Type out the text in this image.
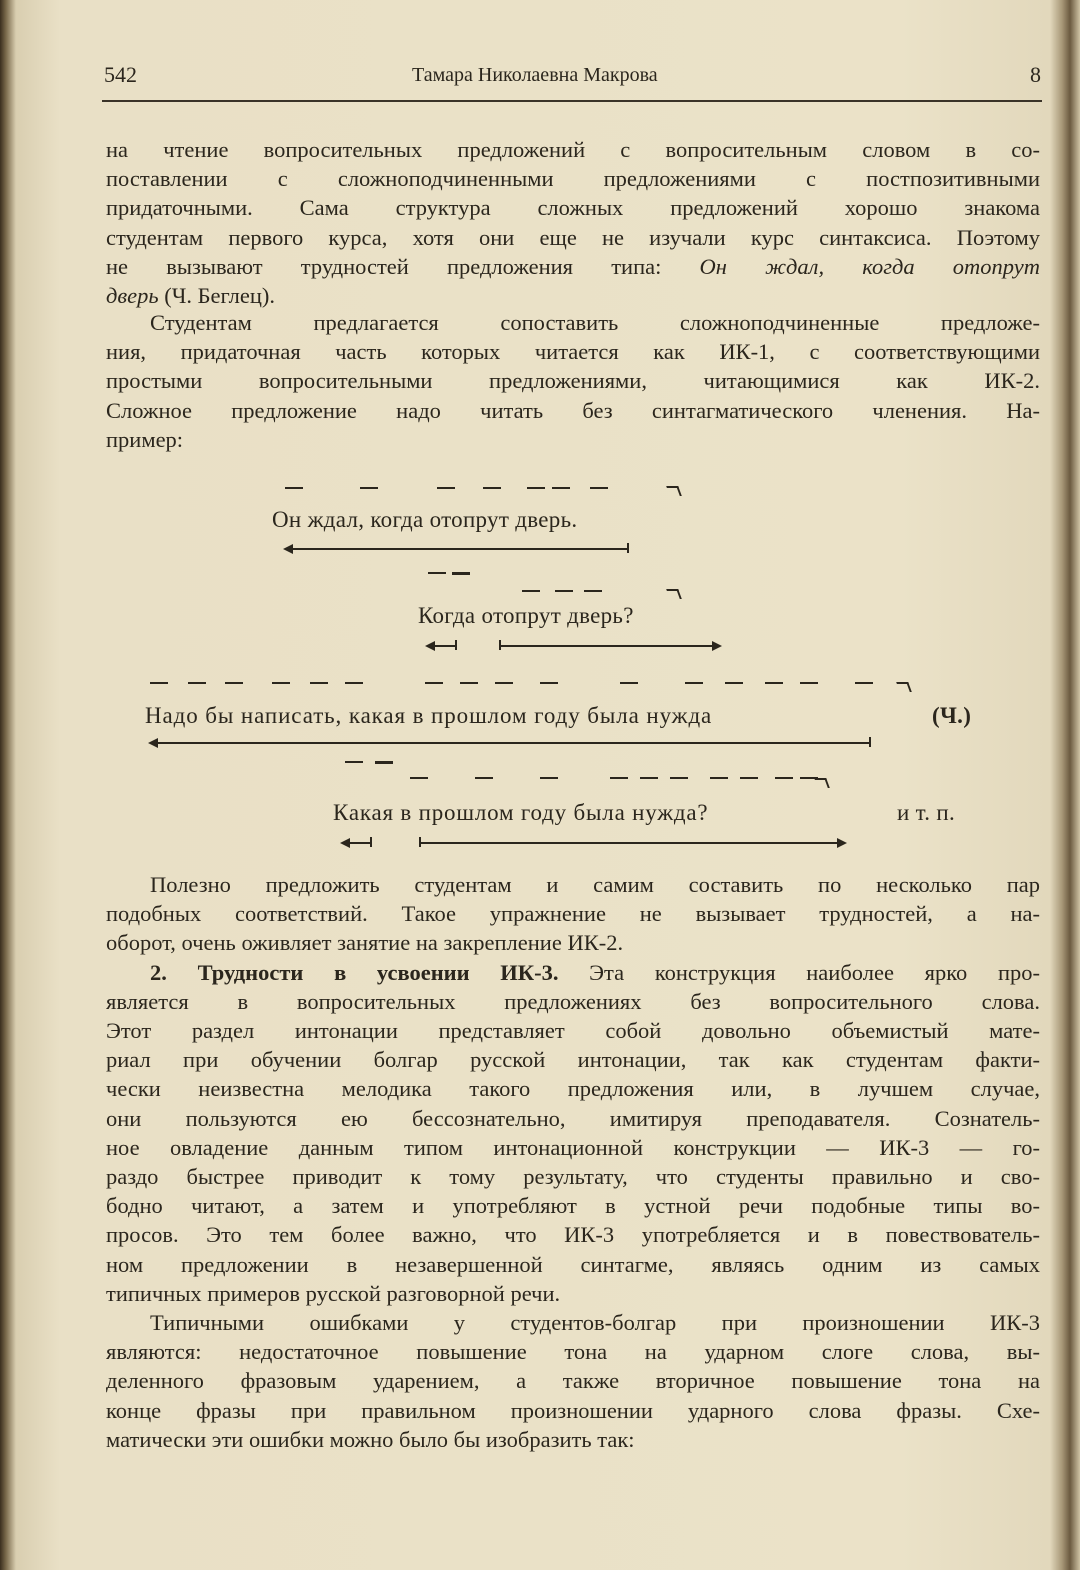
542	Тамара Николаевна Макрова	8
на чтение вопросительных предложений с вопросительным словом в со-
поставлении с сложноподчиненными предложениями с постпозитивными
придаточными. Сама структура сложных предложений хорошо знакома
студентам первого курса, хотя они еще не изучали курс синтаксиса. Поэтому
не вызывают трудностей предложения типа: Он ждал, когда отопрут
дверь (Ч. Беглец).
Студентам предлагается сопоставить сложноподчиненные предложе-
ния, придаточная часть которых читается как ИК-1, с соответствующими
простыми вопросительными предложениями, читающимися как ИК-2.
Сложное предложение надо читать без синтагматического членения. На-
пример:
Полезно предложить студентам и самим составить по несколько пар
подобных соответствий. Такое упражнение не вызывает трудностей, а на-
оборот, очень оживляет занятие на закрепление ИК-2.
2. Трудности в усвоении ИК-3. Эта конструкция наиболее ярко про-
является в вопросительных предложениях без вопросительного слова.
Этот раздел интонации представляет собой довольно объемистый мате-
риал при обучении болгар русской интонации, так как студентам факти-
чески неизвестна мелодика такого предложения или, в лучшем случае,
они пользуются ею бессознательно, имитируя преподавателя. Сознатель-
ное овладение данным типом интонационной конструкции — ИК-3 — го-
раздо быстрее приводит к тому результату, что студенты правильно и сво-
бодно читают, а затем и употребляют в устной речи подобные типы во-
просов. Это тем более важно, что ИК-3 употребляется и в повествователь-
ном предложении в незавершенной синтагме, являясь одним из самых
типичных примеров русской разговорной речи.
Типичными ошибками у студентов-болгар при произношении ИК-3
являются: недостаточное повышение тона на ударном слоге слова, вы-
деленного фразовым ударением, а также вторичное повышение тона на
конце фразы при правильном произношении ударного слова фразы. Схе-
матически эти ошибки можно было бы изобразить так:
Он ждал, когда отопрут дверь.
Когда отопрут дверь?
Надо бы написать, какая в прошлом году была нужда	(Ч.)
Какая в прошлом году была нужда?	и т. п.
